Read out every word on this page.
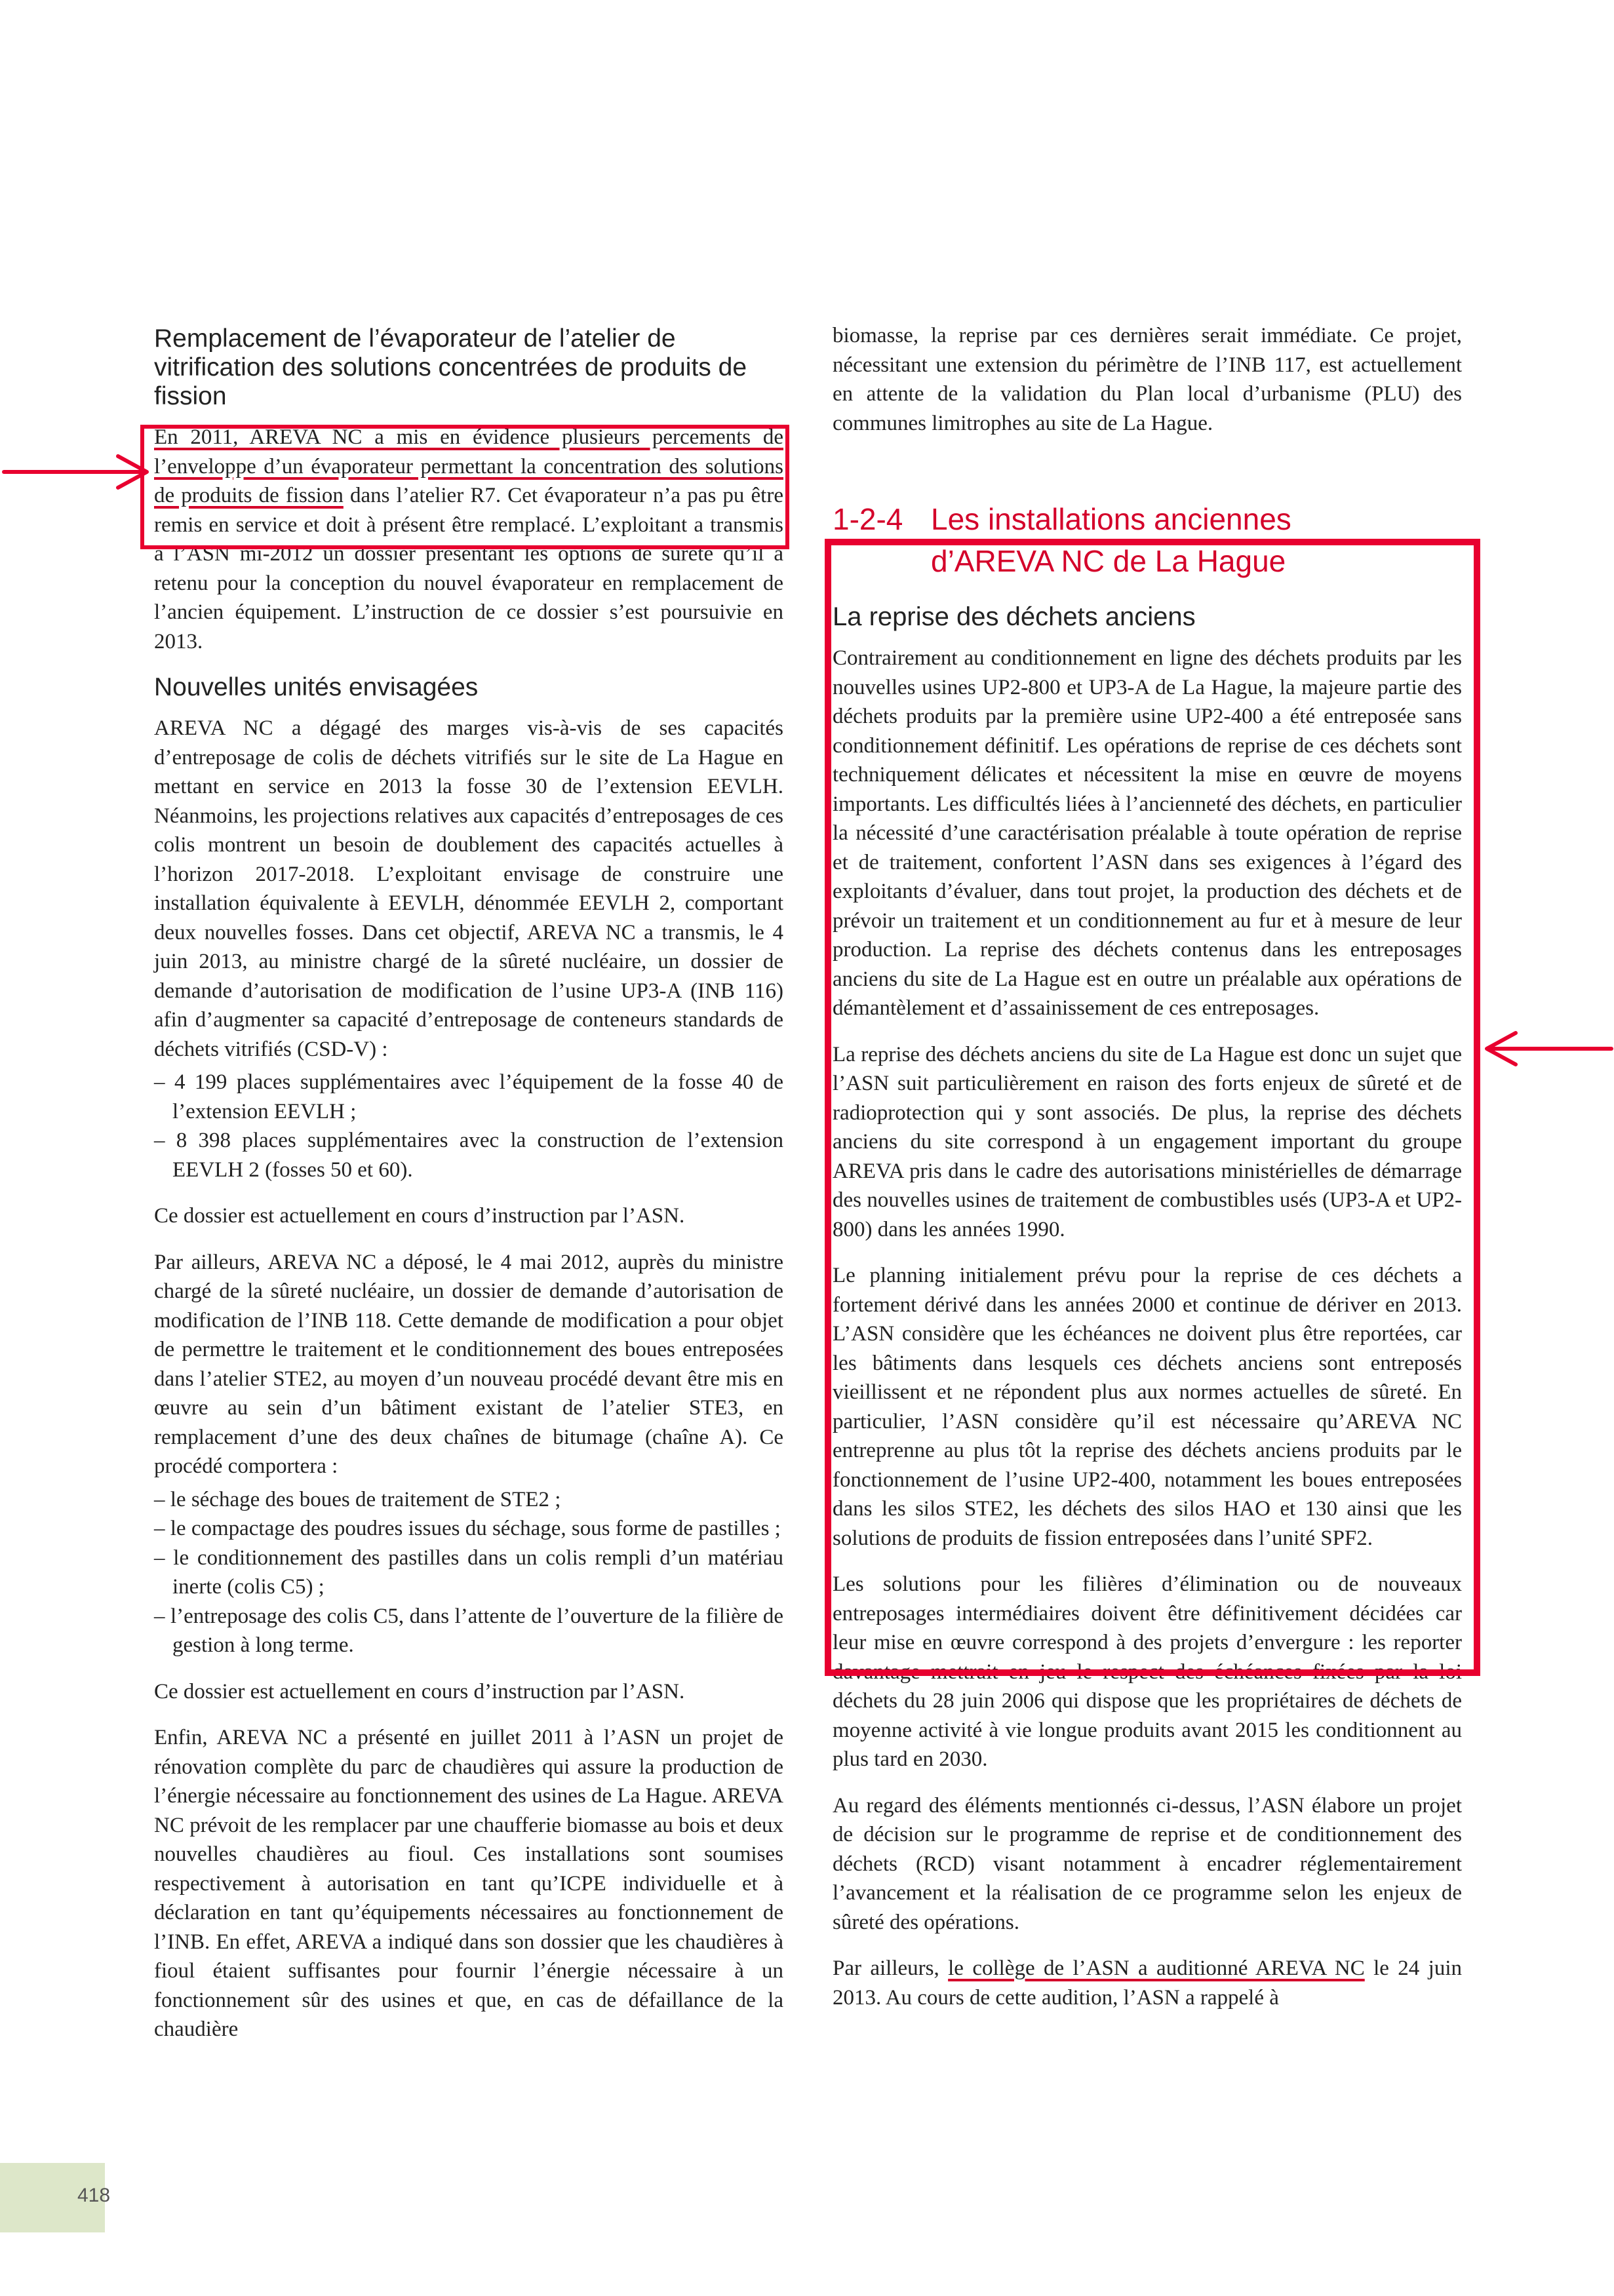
Remplacement de l’évaporateur de l’atelier de vitrification des solutions concentrées de produits de fission

En 2011, AREVA NC a mis en évidence plusieurs percements de l’enveloppe d’un évaporateur permettant la concentration des solutions de produits de fission dans l’atelier R7. Cet évaporateur n’a pas pu être remis en service et doit à présent être remplacé. L’exploitant a transmis à l’ASN mi-2012 un dossier présentant les options de sûreté qu’il a retenu pour la conception du nouvel évaporateur en remplacement de l’ancien équipement. L’instruction de ce dossier s’est poursuivie en 2013.

Nouvelles unités envisagées

AREVA NC a dégagé des marges vis-à-vis de ses capacités d’entreposage de colis de déchets vitrifiés sur le site de La Hague en mettant en service en 2013 la fosse 30 de l’extension EEVLH. Néanmoins, les projections relatives aux capacités d’entreposages de ces colis montrent un besoin de doublement des capacités actuelles à l’horizon 2017-2018. L’exploitant envisage de construire une installation équivalente à EEVLH, dénommée EEVLH 2, comportant deux nouvelles fosses. Dans cet objectif, AREVA NC a transmis, le 4 juin 2013, au ministre chargé de la sûreté nucléaire, un dossier de demande d’autorisation de modification de l’usine UP3-A (INB 116) afin d’augmenter sa capacité d’entreposage de conteneurs standards de déchets vitrifiés (CSD-V) :

– 4 199 places supplémentaires avec l’équipement de la fosse 40 de l’extension EEVLH ;
– 8 398 places supplémentaires avec la construction de l’extension EEVLH 2 (fosses 50 et 60).

Ce dossier est actuellement en cours d’instruction par l’ASN.

Par ailleurs, AREVA NC a déposé, le 4 mai 2012, auprès du ministre chargé de la sûreté nucléaire, un dossier de demande d’autorisation de modification de l’INB 118. Cette demande de modification a pour objet de permettre le traitement et le conditionnement des boues entreposées dans l’atelier STE2, au moyen d’un nouveau procédé devant être mis en œuvre au sein d’un bâtiment existant de l’atelier STE3, en remplacement d’une des deux chaînes de bitumage (chaîne A). Ce procédé comportera :

– le séchage des boues de traitement de STE2 ;
– le compactage des poudres issues du séchage, sous forme de pastilles ;
– le conditionnement des pastilles dans un colis rempli d’un matériau inerte (colis C5) ;
– l’entreposage des colis C5, dans l’attente de l’ouverture de la filière de gestion à long terme.

Ce dossier est actuellement en cours d’instruction par l’ASN.

Enfin, AREVA NC a présenté en juillet 2011 à l’ASN un projet de rénovation complète du parc de chaudières qui assure la production de l’énergie nécessaire au fonctionnement des usines de La Hague. AREVA NC prévoit de les remplacer par une chaufferie biomasse au bois et deux nouvelles chaudières au fioul. Ces installations sont soumises respectivement à autorisation en tant qu’ICPE individuelle et à déclaration en tant qu’équipements nécessaires au fonctionnement de l’INB. En effet, AREVA a indiqué dans son dossier que les chaudières à fioul étaient suffisantes pour fournir l’énergie nécessaire à un fonctionnement sûr des usines et que, en cas de défaillance de la chaudière

biomasse, la reprise par ces dernières serait immédiate. Ce projet, nécessitant une extension du périmètre de l’INB 117, est actuellement en attente de la validation du Plan local d’urbanisme (PLU) des communes limitrophes au site de La Hague.

1-2-4 Les installations anciennes
d’AREVA NC de La Hague
La reprise des déchets anciens

Contrairement au conditionnement en ligne des déchets produits par les nouvelles usines UP2-800 et UP3-A de La Hague, la majeure partie des déchets produits par la première usine UP2-400 a été entreposée sans conditionnement définitif. Les opérations de reprise de ces déchets sont techniquement délicates et nécessitent la mise en œuvre de moyens importants. Les difficultés liées à l’ancienneté des déchets, en particulier la nécessité d’une caractérisation préalable à toute opération de reprise et de traitement, confortent l’ASN dans ses exigences à l’égard des exploitants d’évaluer, dans tout projet, la production des déchets et de prévoir un traitement et un conditionnement au fur et à mesure de leur production. La reprise des déchets contenus dans les entreposages anciens du site de La Hague est en outre un préalable aux opérations de démantèlement et d’assainissement de ces entreposages.

La reprise des déchets anciens du site de La Hague est donc un sujet que l’ASN suit particulièrement en raison des forts enjeux de sûreté et de radioprotection qui y sont associés. De plus, la reprise des déchets anciens du site correspond à un engagement important du groupe AREVA pris dans le cadre des autorisations ministérielles de démarrage des nouvelles usines de traitement de combustibles usés (UP3-A et UP2-800) dans les années 1990.

Le planning initialement prévu pour la reprise de ces déchets a fortement dérivé dans les années 2000 et continue de dériver en 2013. L’ASN considère que les échéances ne doivent plus être reportées, car les bâtiments dans lesquels ces déchets anciens sont entreposés vieillissent et ne répondent plus aux normes actuelles de sûreté. En particulier, l’ASN considère qu’il est nécessaire qu’AREVA NC entreprenne au plus tôt la reprise des déchets anciens produits par le fonctionnement de l’usine UP2-400, notamment les boues entreposées dans les silos STE2, les déchets des silos HAO et 130 ainsi que les solutions de produits de fission entreposées dans l’unité SPF2.

Les solutions pour les filières d’élimination ou de nouveaux entreposages intermédiaires doivent être définitivement décidées car leur mise en œuvre correspond à des projets d’envergure : les reporter davantage mettrait en jeu le respect des échéances fixées par la loi déchets du 28 juin 2006 qui dispose que les propriétaires de déchets de moyenne activité à vie longue produits avant 2015 les conditionnent au plus tard en 2030.

Au regard des éléments mentionnés ci-dessus, l’ASN élabore un projet de décision sur le programme de reprise et de conditionnement des déchets (RCD) visant notamment à encadrer réglementairement l’avancement et la réalisation de ce programme selon les enjeux de sûreté des opérations.

Par ailleurs, le collège de l’ASN a auditionné AREVA NC le 24 juin 2013. Au cours de cette audition, l’ASN a rappelé à

418
